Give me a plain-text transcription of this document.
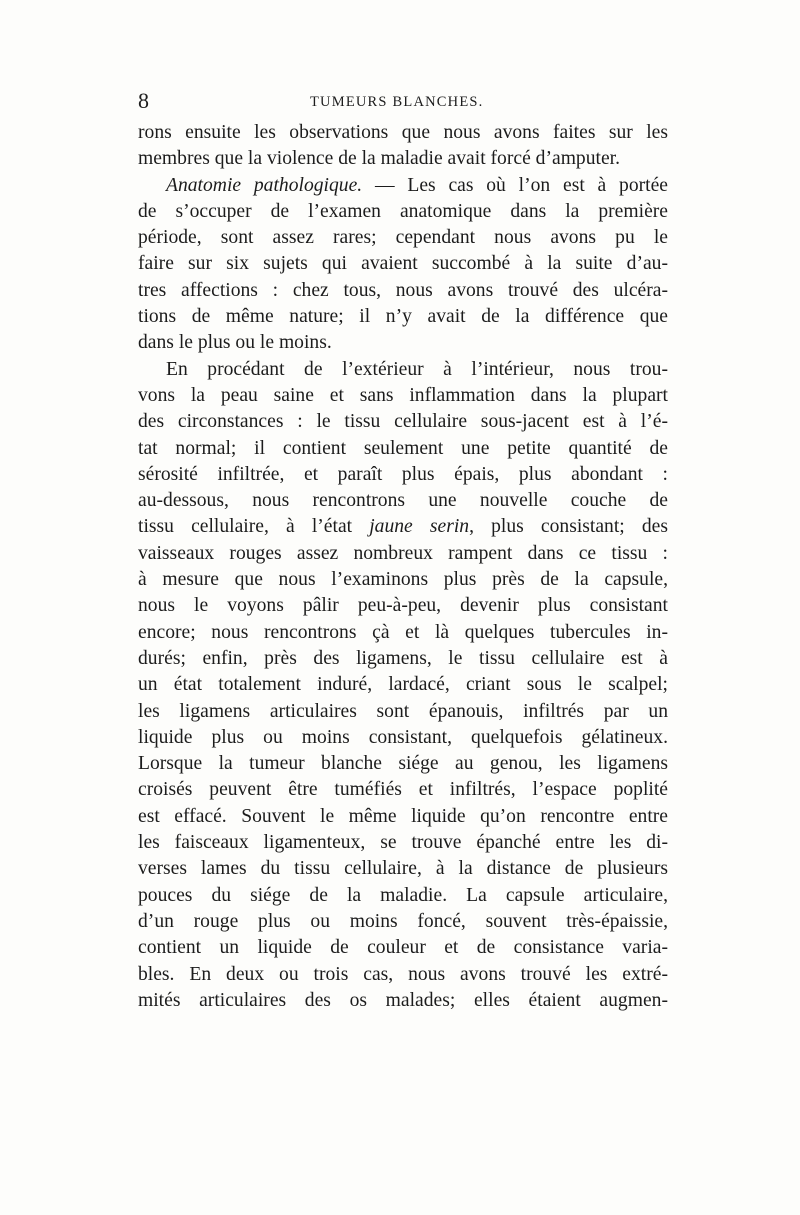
8	TUMEURS BLANCHES.
rons ensuite les observations que nous avons faites sur les
membres que la violence de la maladie avait forcé d’amputer.
Anatomie pathologique. — Les cas où l’on est à portée
de s’occuper de l’examen anatomique dans la première
période, sont assez rares; cependant nous avons pu le
faire sur six sujets qui avaient succombé à la suite d’au-
tres affections : chez tous, nous avons trouvé des ulcéra-
tions de même nature; il n’y avait de la différence que
dans le plus ou le moins.
En procédant de l’extérieur à l’intérieur, nous trou-
vons la peau saine et sans inflammation dans la plupart
des circonstances : le tissu cellulaire sous-jacent est à l’é-
tat normal; il contient seulement une petite quantité de
sérosité infiltrée, et paraît plus épais, plus abondant :
au-dessous, nous rencontrons une nouvelle couche de
tissu cellulaire, à l’état jaune serin, plus consistant; des
vaisseaux rouges assez nombreux rampent dans ce tissu :
à mesure que nous l’examinons plus près de la capsule,
nous le voyons pâlir peu-à-peu, devenir plus consistant
encore; nous rencontrons çà et là quelques tubercules in-
durés; enfin, près des ligamens, le tissu cellulaire est à
un état totalement induré, lardacé, criant sous le scalpel;
les ligamens articulaires sont épanouis, infiltrés par un
liquide plus ou moins consistant, quelquefois gélatineux.
Lorsque la tumeur blanche siége au genou, les ligamens
croisés peuvent être tuméfiés et infiltrés, l’espace poplité
est effacé. Souvent le même liquide qu’on rencontre entre
les faisceaux ligamenteux, se trouve épanché entre les di-
verses lames du tissu cellulaire, à la distance de plusieurs
pouces du siége de la maladie. La capsule articulaire,
d’un rouge plus ou moins foncé, souvent très-épaissie,
contient un liquide de couleur et de consistance varia-
bles. En deux ou trois cas, nous avons trouvé les extré-
mités articulaires des os malades; elles étaient augmen-
